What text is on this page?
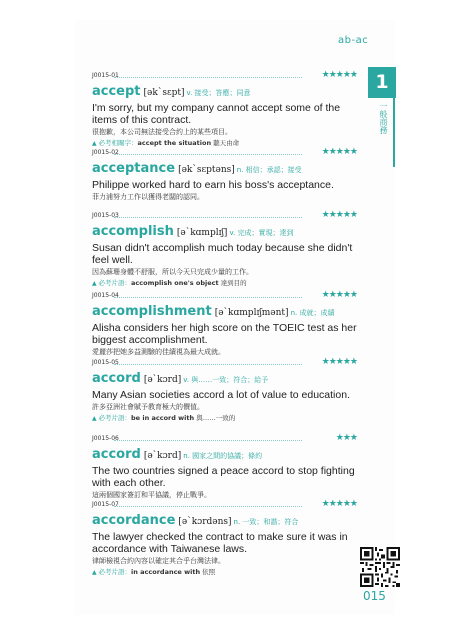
ab-ac
1
一般商務
J0015-01	★★★★★
accept [əkˋsɛpt] v. 接受；答應；同意
I'm sorry, but my company cannot accept some of the items of this contract.
很抱歉，本公司無法接受合約上的某些項目。
▲ 必考相關字：accept the situation 聽天由命
J0015-02	★★★★★
acceptance [əkˋsɛptəns] n. 相信；承認；接受
Philippe worked hard to earn his boss's acceptance.
菲力浦努力工作以獲得老闆的認同。
J0015-03	★★★★★
accomplish [əˋkɑmplɪʃ] v. 完成；實現；達到
Susan didn't accomplish much today because she didn't feel well.
因為蘇珊身體不舒服，所以今天只完成少量的工作。
▲ 必考片語：accomplish one's object 達到目的
J0015-04	★★★★★
accomplishment [əˋkɑmplɪʃmənt] n. 成就；成績
Alisha considers her high score on the TOEIC test as her biggest accomplishment.
愛麗莎把她多益測驗的佳績視為最大成就。
J0015-05	★★★★★
accord [əˋkɔrd] v. 與……一致；符合；給予
Many Asian societies accord a lot of value to education.
許多亞洲社會賦予教育極大的價值。
▲ 必考片語：be in accord with 與……一致的
J0015-06	★★★
accord [əˋkɔrd] n. 國家之間的協議；條約
The two countries signed a peace accord to stop fighting with each other.
這兩個國家簽訂和平協議，停止戰爭。
J0015-07	★★★★★
accordance [əˋkɔrdəns] n. 一致；和諧；符合
The lawyer checked the contract to make sure it was in accordance with Taiwanese laws.
律師檢視合約內容以確定其合乎台灣法律。
▲ 必考片語：in accordance with 依照
015
